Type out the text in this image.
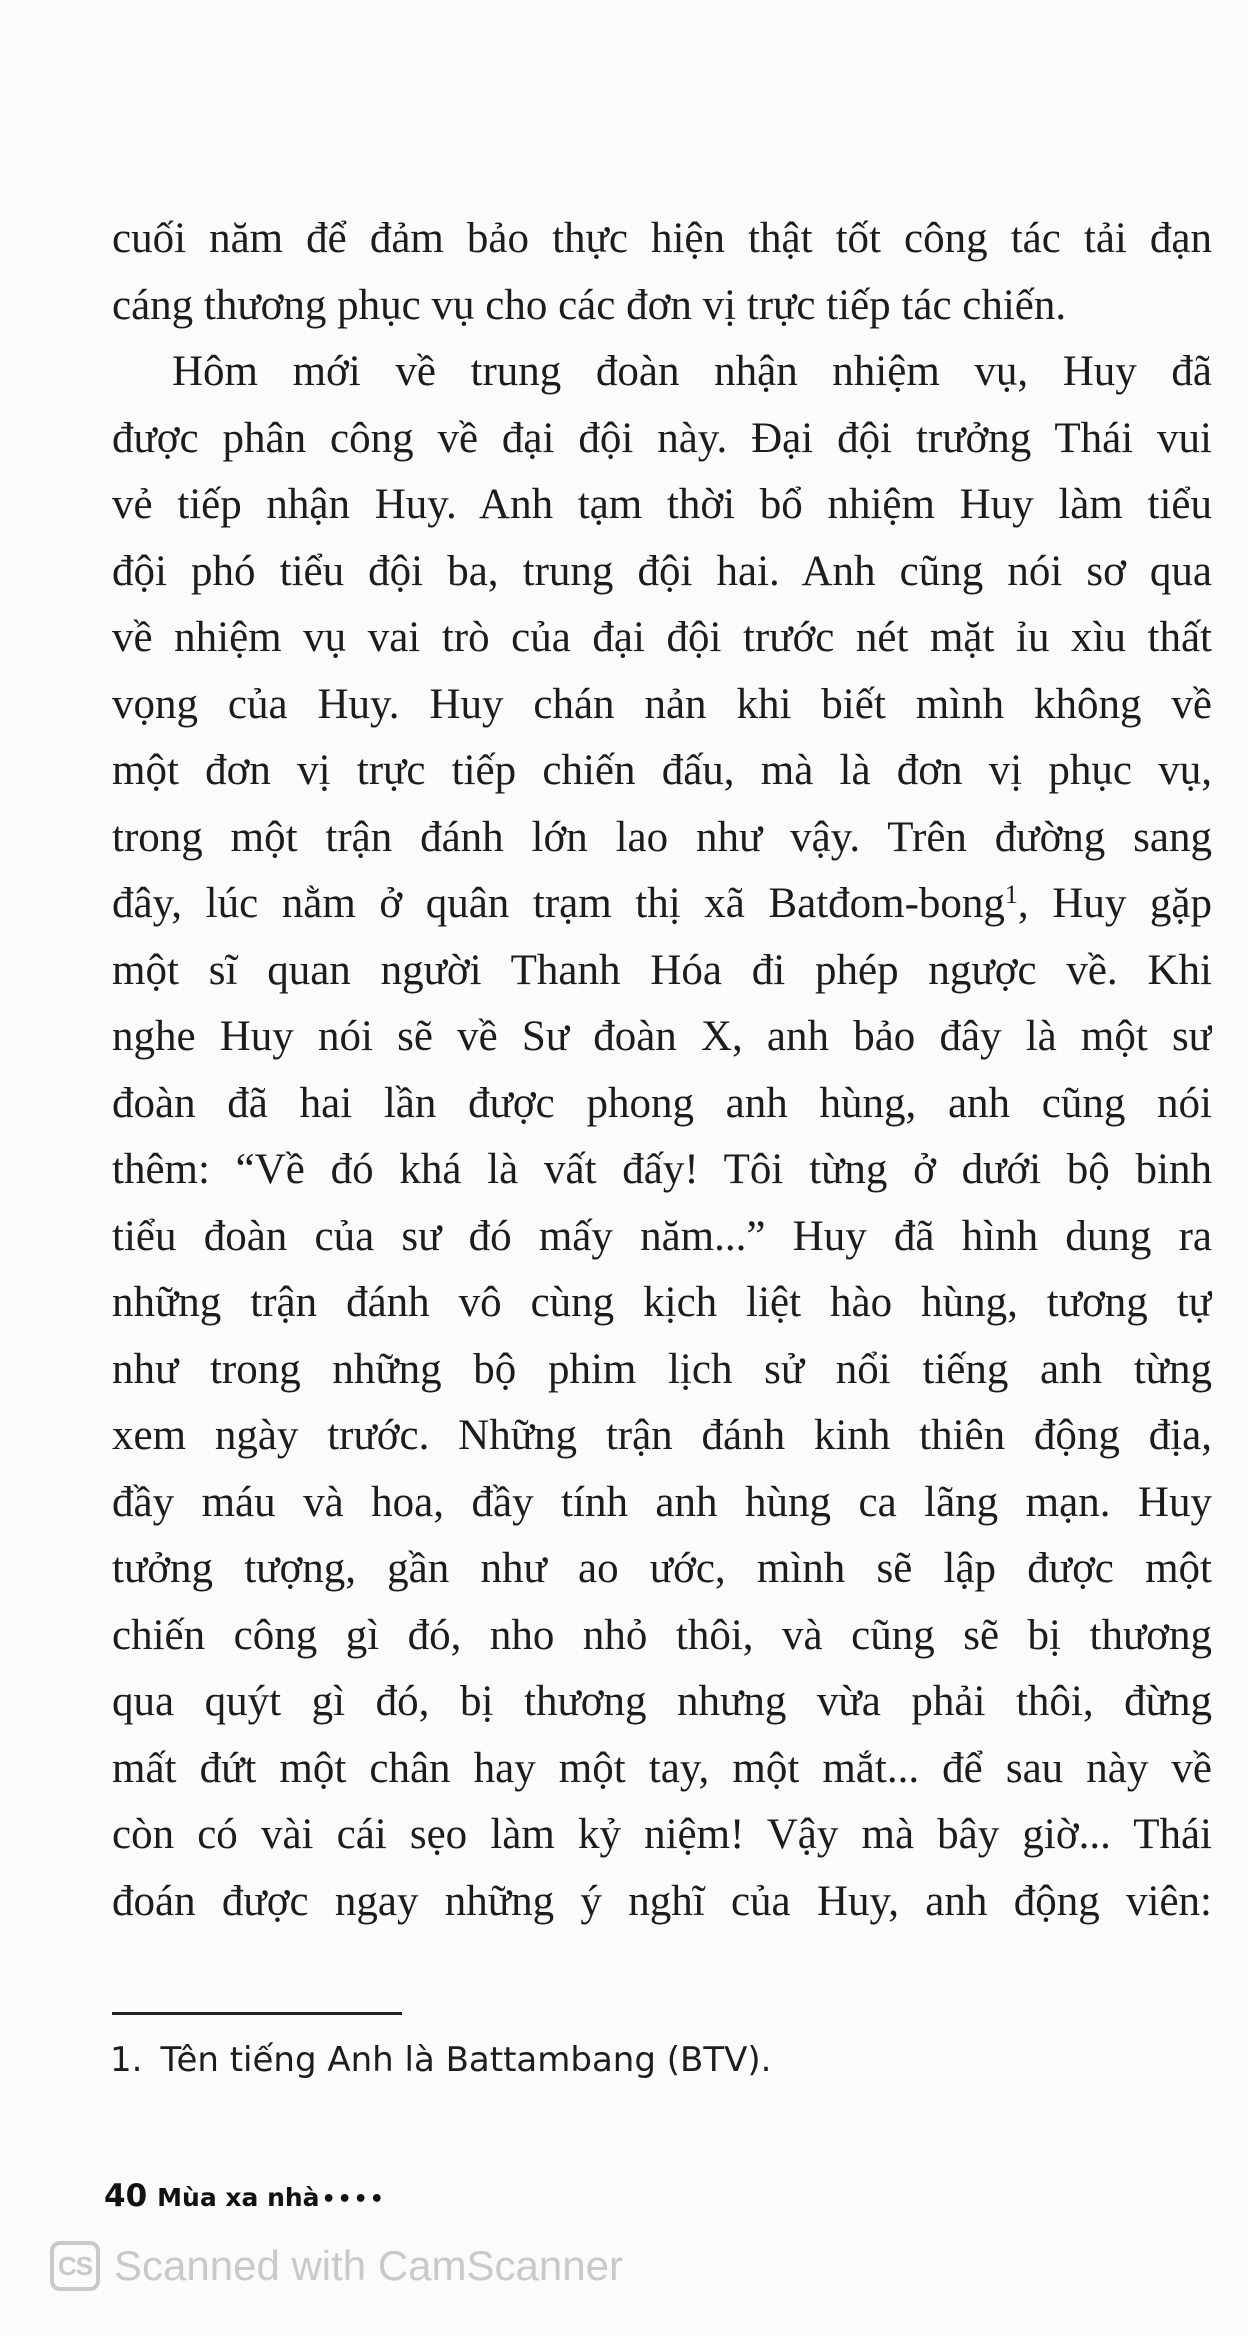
cuối năm để đảm bảo thực hiện thật tốt công tác tải đạn
cáng thương phục vụ cho các đơn vị trực tiếp tác chiến.
Hôm mới về trung đoàn nhận nhiệm vụ, Huy đã
được phân công về đại đội này. Đại đội trưởng Thái vui
vẻ tiếp nhận Huy. Anh tạm thời bổ nhiệm Huy làm tiểu
đội phó tiểu đội ba, trung đội hai. Anh cũng nói sơ qua
về nhiệm vụ vai trò của đại đội trước nét mặt ỉu xìu thất
vọng của Huy. Huy chán nản khi biết mình không về
một đơn vị trực tiếp chiến đấu, mà là đơn vị phục vụ,
trong một trận đánh lớn lao như vậy. Trên đường sang
đây, lúc nằm ở quân trạm thị xã Batđom-bong$^1$, Huy gặp
một sĩ quan người Thanh Hóa đi phép ngược về. Khi
nghe Huy nói sẽ về Sư đoàn X, anh bảo đây là một sư
đoàn đã hai lần được phong anh hùng, anh cũng nói
thêm: “Về đó khá là vất đấy! Tôi từng ở dưới bộ binh
tiểu đoàn của sư đó mấy năm...” Huy đã hình dung ra
những trận đánh vô cùng kịch liệt hào hùng, tương tự
như trong những bộ phim lịch sử nổi tiếng anh từng
xem ngày trước. Những trận đánh kinh thiên động địa,
đầy máu và hoa, đầy tính anh hùng ca lãng mạn. Huy
tưởng tượng, gần như ao ước, mình sẽ lập được một
chiến công gì đó, nho nhỏ thôi, và cũng sẽ bị thương
qua quýt gì đó, bị thương nhưng vừa phải thôi, đừng
mất đứt một chân hay một tay, một mắt... để sau này về
còn có vài cái sẹo làm kỷ niệm! Vậy mà bây giờ... Thái
đoán được ngay những ý nghĩ của Huy, anh động viên:
1. Tên tiếng Anh là Battambang (BTV).
40 Mùa xa nhà••••
CS Scanned with CamScanner
